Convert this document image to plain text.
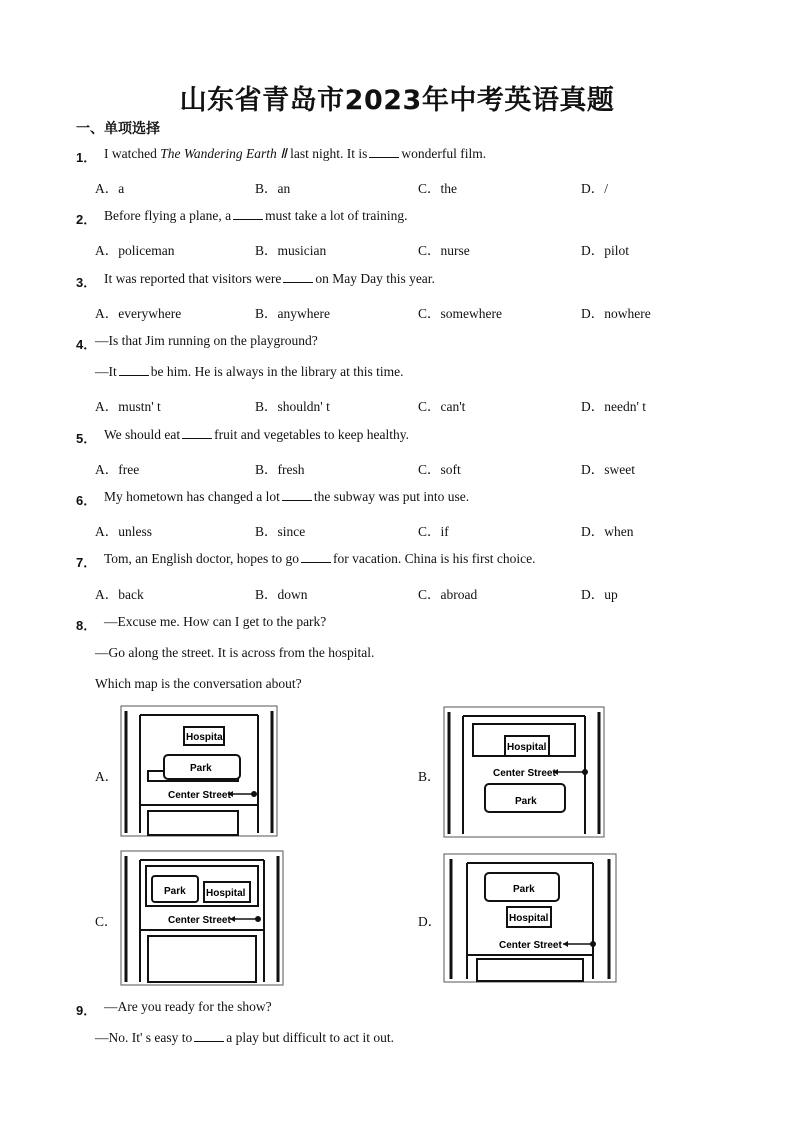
山东省青岛市2023年中考英语真题
一、单项选择
1． I watched The Wandering Earth Ⅱ last night. It is	wonderful film.
A．a	B．an	C．the	D．/
2． Before flying a plane, a	must take a lot of training.
A．policeman	B．musician	C．nurse	D．pilot
3． It was reported that visitors were	on May Day this year.
A．everywhere	B．anywhere	C．somewhere	D．nowhere
4．
—Is that Jim running on the playground?
—It	be him. He is always in the library at this time.
A．mustn' t	B．shouldn' t	C．can't	D．needn' t
5． We should eat	fruit and vegetables to keep healthy.
A．free	B．fresh	C．soft	D．sweet
6． My hometown has changed a lot	the subway was put into use.
A．unless	B．since	C．if	D．when
7． Tom, an English doctor, hopes to go	for vacation. China is his first choice.
A．back	B．down	C．abroad	D．up
8． —Excuse me. How can I get to the park?
—Go along the street. It is across from the hospital.
Which map is the conversation about?
A．	B．
C．	D．
Hospital
Park
Center Street
Hospital
Center Street
Park
Park Hospital
Center Street
Park
Hospital
Center Street
9． —Are you ready for the show?
—No. It' s easy to	a play but difficult to act it out.
